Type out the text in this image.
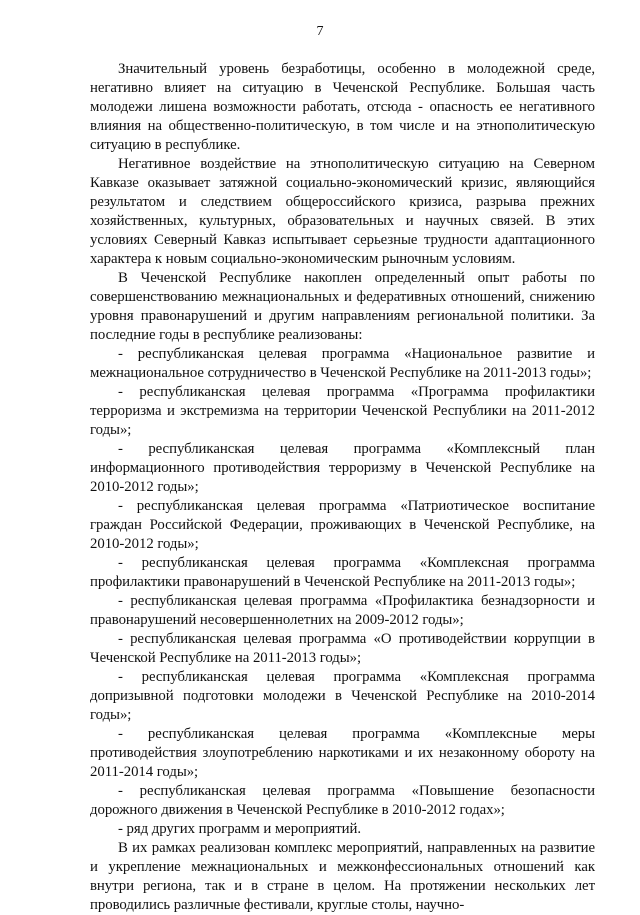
7

Значительный уровень безработицы, особенно в молодежной среде, негативно влияет на ситуацию в Чеченской Республике. Большая часть молодежи лишена возможности работать, отсюда - опасность ее негативного влияния на общественно-политическую, в том числе и на этнополитическую ситуацию в республике.

Негативное воздействие на этнополитическую ситуацию на Северном Кавказе оказывает затяжной социально-экономический кризис, являющийся результатом и следствием общероссийского кризиса, разрыва прежних хозяйственных, культурных, образовательных и научных связей. В этих условиях Северный Кавказ испытывает серьезные трудности адаптационного характера к новым социально-экономическим рыночным условиям.

В Чеченской Республике накоплен определенный опыт работы по совершенствованию межнациональных и федеративных отношений, снижению уровня правонарушений и другим направлениям региональной политики. За последние годы в республике реализованы:

- республиканская целевая программа «Национальное развитие и межнациональное сотрудничество в Чеченской Республике на 2011-2013 годы»;

- республиканская целевая программа «Программа профилактики терроризма и экстремизма на территории Чеченской Республики на 2011-2012 годы»;

- республиканская целевая программа «Комплексный план информационного противодействия терроризму в Чеченской Республике на 2010-2012 годы»;

- республиканская целевая программа «Патриотическое воспитание граждан Российской Федерации, проживающих в Чеченской Республике, на 2010-2012 годы»;

- республиканская целевая программа «Комплексная программа профилактики правонарушений в Чеченской Республике на 2011-2013 годы»;

- республиканская целевая программа «Профилактика безнадзорности и правонарушений несовершеннолетних на 2009-2012 годы»;

- республиканская целевая программа «О противодействии коррупции в Чеченской Республике на 2011-2013 годы»;

- республиканская целевая программа «Комплексная программа допризывной подготовки молодежи в Чеченской Республике на 2010-2014 годы»;

- республиканская целевая программа «Комплексные меры противодействия злоупотреблению наркотиками и их незаконному обороту на 2011-2014 годы»;

- республиканская целевая программа «Повышение безопасности дорожного движения в Чеченской Республике в 2010-2012 годах»;

- ряд других программ и мероприятий.

В их рамках реализован комплекс мероприятий, направленных на развитие и укрепление межнациональных и межконфессиональных отношений как внутри региона, так и в стране в целом. На протяжении нескольких лет проводились различные фестивали, круглые столы, научно-
